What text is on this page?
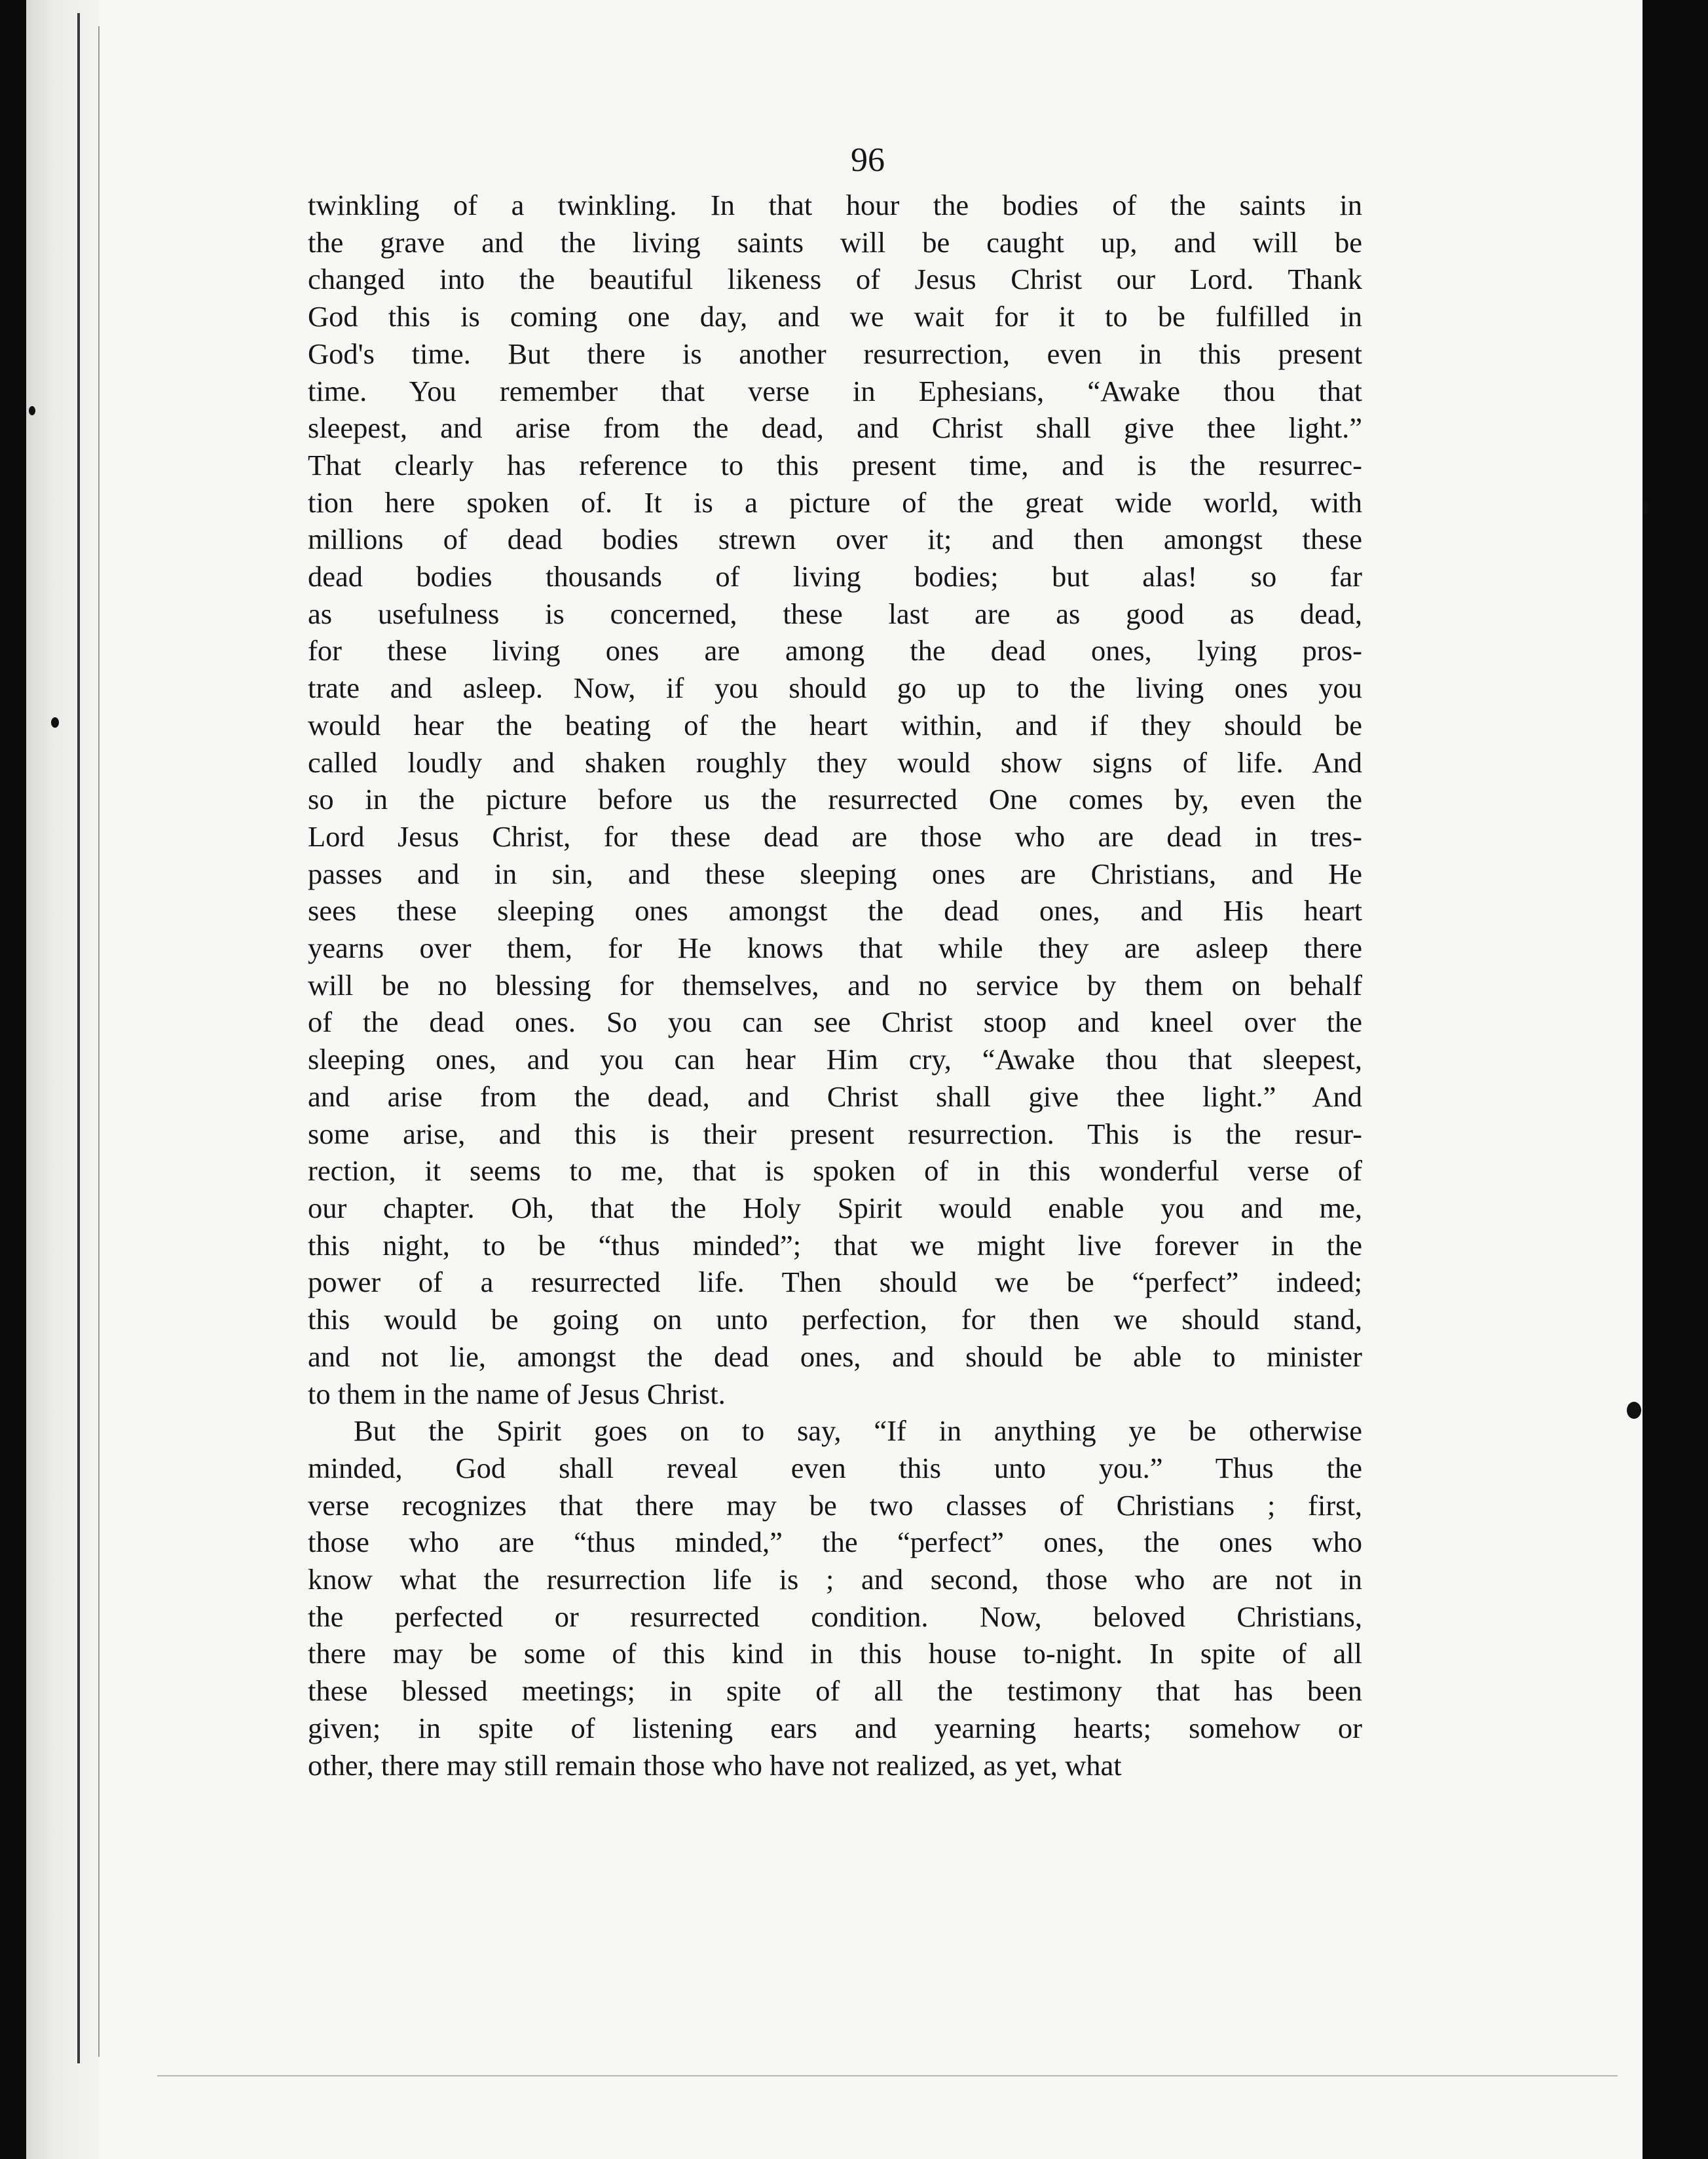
96
twinkling of a twinkling. In that hour the bodies of the saints in
the grave and the living saints will be caught up, and will be
changed into the beautiful likeness of Jesus Christ our Lord. Thank
God this is coming one day, and we wait for it to be fulfilled in
God's time. But there is another resurrection, even in this present
time. You remember that verse in Ephesians, “Awake thou that
sleepest, and arise from the dead, and Christ shall give thee light.”
That clearly has reference to this present time, and is the resurrec-
tion here spoken of. It is a picture of the great wide world, with
millions of dead bodies strewn over it; and then amongst these
dead bodies thousands of living bodies; but alas! so far
as usefulness is concerned, these last are as good as dead,
for these living ones are among the dead ones, lying pros-
trate and asleep. Now, if you should go up to the living ones you
would hear the beating of the heart within, and if they should be
called loudly and shaken roughly they would show signs of life. And
so in the picture before us the resurrected One comes by, even the
Lord Jesus Christ, for these dead are those who are dead in tres-
passes and in sin, and these sleeping ones are Christians, and He
sees these sleeping ones amongst the dead ones, and His heart
yearns over them, for He knows that while they are asleep there
will be no blessing for themselves, and no service by them on behalf
of the dead ones. So you can see Christ stoop and kneel over the
sleeping ones, and you can hear Him cry, “Awake thou that sleepest,
and arise from the dead, and Christ shall give thee light.” And
some arise, and this is their present resurrection. This is the resur-
rection, it seems to me, that is spoken of in this wonderful verse of
our chapter. Oh, that the Holy Spirit would enable you and me,
this night, to be “thus minded”; that we might live forever in the
power of a resurrected life. Then should we be “perfect” indeed;
this would be going on unto perfection, for then we should stand,
and not lie, amongst the dead ones, and should be able to minister
to them in the name of Jesus Christ.
But the Spirit goes on to say, “If in anything ye be otherwise
minded, God shall reveal even this unto you.” Thus the
verse recognizes that there may be two classes of Christians ; first,
those who are “thus minded,” the “perfect” ones, the ones who
know what the resurrection life is ; and second, those who are not in
the perfected or resurrected condition. Now, beloved Christians,
there may be some of this kind in this house to-night. In spite of all
these blessed meetings; in spite of all the testimony that has been
given; in spite of listening ears and yearning hearts; somehow or
other, there may still remain those who have not realized, as yet, what
